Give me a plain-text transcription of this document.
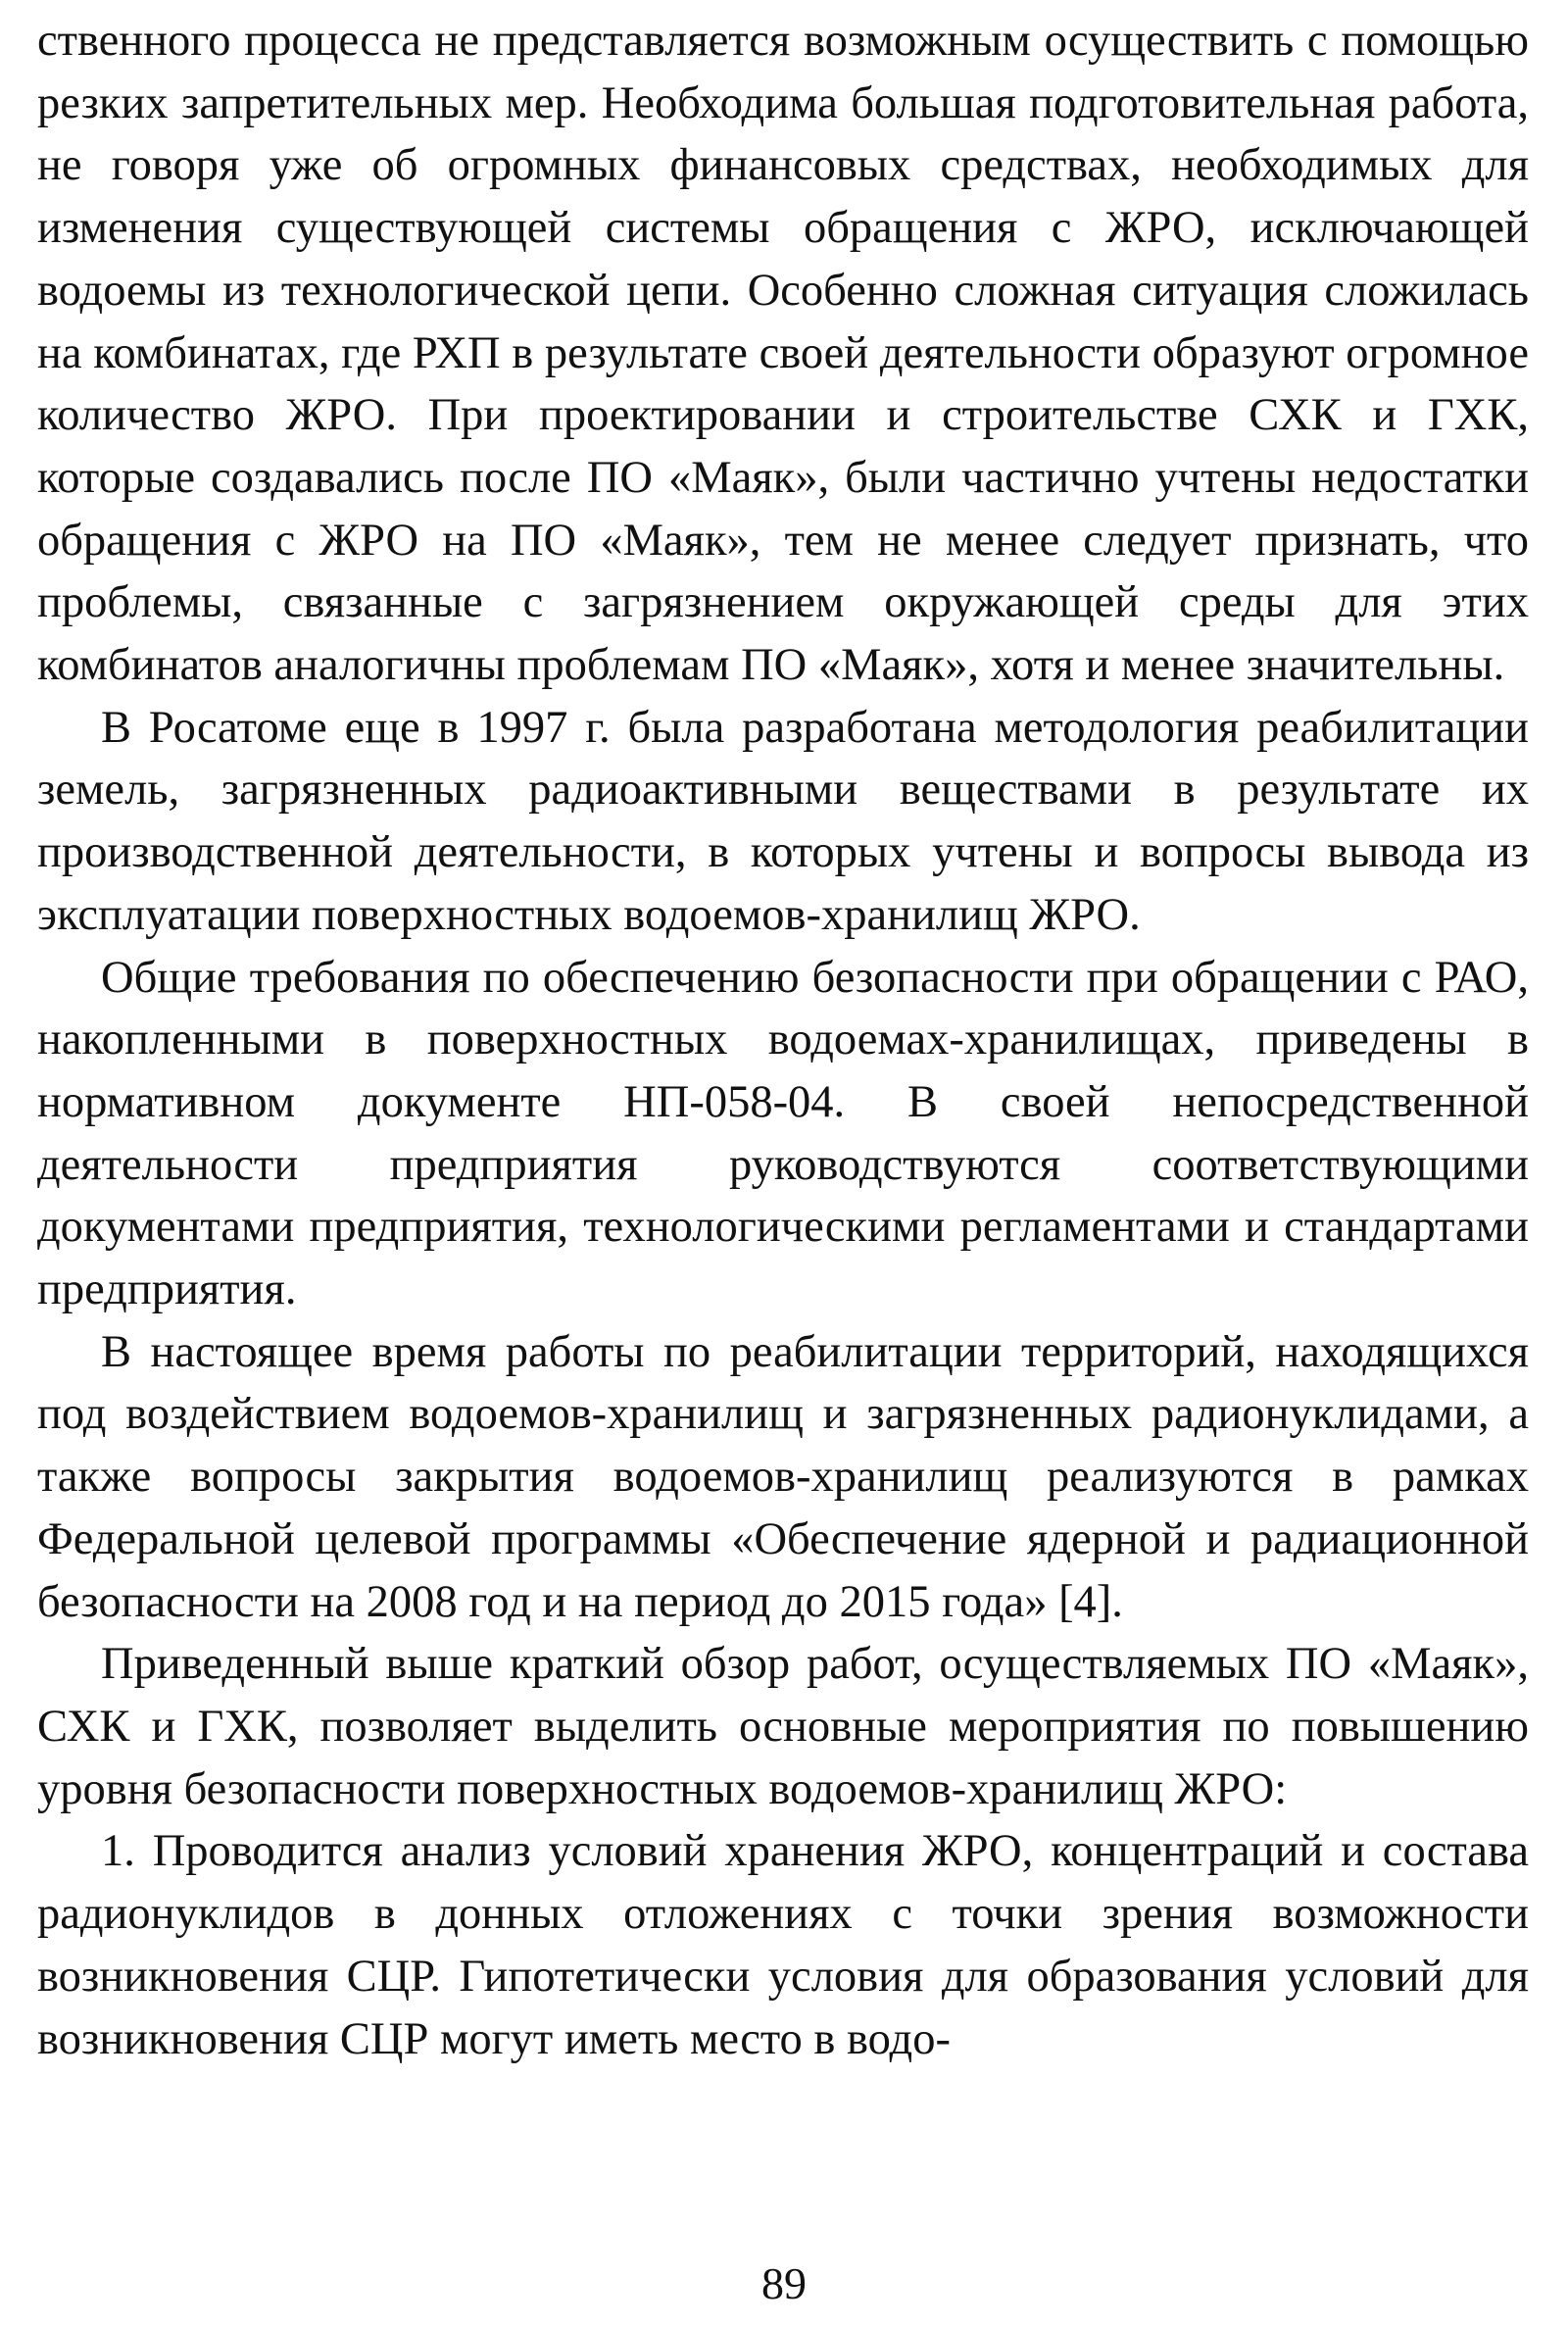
ственного процесса не представляется возможным осуществить с помощью резких запретительных мер. Необходима большая подготовительная работа, не говоря уже об огромных финансовых средствах, необходимых для изменения существующей системы обращения с ЖРО, исключающей водоемы из технологической цепи. Особенно сложная ситуация сложилась на комбинатах, где РХП в результате своей деятельности образуют огромное количество ЖРО. При проектировании и строительстве СХК и ГХК, которые создавались после ПО «Маяк», были частично учтены недостатки обращения с ЖРО на ПО «Маяк», тем не менее следует признать, что проблемы, связанные с загрязнением окружающей среды для этих комбинатов аналогичны проблемам ПО «Маяк», хотя и менее значительны.

В Росатоме еще в 1997 г. была разработана методология реабилитации земель, загрязненных радиоактивными веществами в результате их производственной деятельности, в которых учтены и вопросы вывода из эксплуатации поверхностных водоемов-хранилищ ЖРО.

Общие требования по обеспечению безопасности при обращении с РАО, накопленными в поверхностных водоемах-хранилищах, приведены в нормативном документе НП-058-04. В своей непосредственной деятельности предприятия руководствуются соответствующими документами предприятия, технологическими регламентами и стандартами предприятия.

В настоящее время работы по реабилитации территорий, находящихся под воздействием водоемов-хранилищ и загрязненных радионуклидами, а также вопросы закрытия водоемов-хранилищ реализуются в рамках Федеральной целевой программы «Обеспечение ядерной и радиационной безопасности на 2008 год и на период до 2015 года» [4].

Приведенный выше краткий обзор работ, осуществляемых ПО «Маяк», СХК и ГХК, позволяет выделить основные мероприятия по повышению уровня безопасности поверхностных водоемов-хранилищ ЖРО:

1. Проводится анализ условий хранения ЖРО, концентраций и состава радионуклидов в донных отложениях с точки зрения возможности возникновения СЦР. Гипотетически условия для образования условий для возникновения СЦР могут иметь место в водо-

89
